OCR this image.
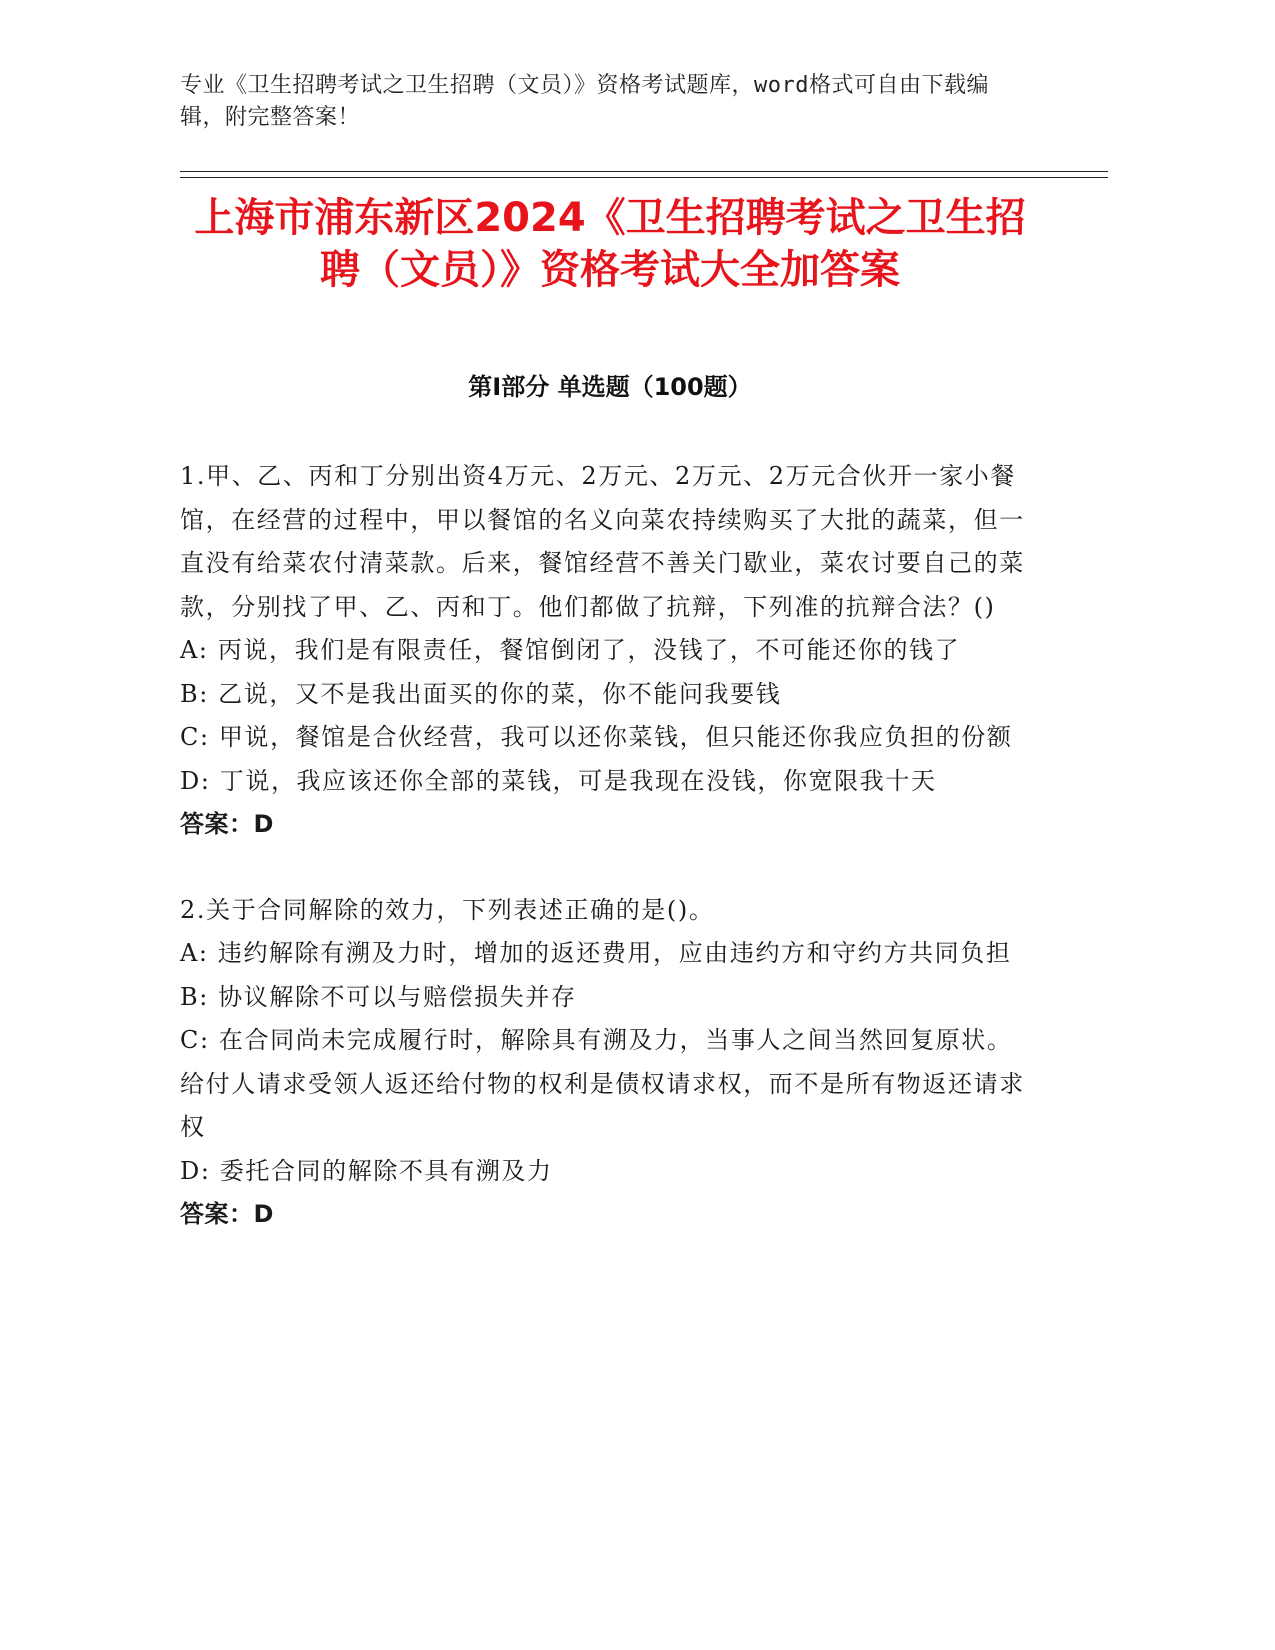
专业《卫生招聘考试之卫生招聘（文员）》资格考试题库，word格式可自由下载编辑，附完整答案！
上海市浦东新区2024《卫生招聘考试之卫生招聘（文员）》资格考试大全加答案
第Ⅰ部分 单选题（100题）

1.甲、乙、丙和丁分别出资4万元、2万元、2万元、2万元合伙开一家小餐馆，在经营的过程中，甲以餐馆的名义向菜农持续购买了大批的蔬菜，但一直没有给菜农付清菜款。后来，餐馆经营不善关门歇业，菜农讨要自己的菜款，分别找了甲、乙、丙和丁。他们都做了抗辩，下列准的抗辩合法？()

A: 丙说，我们是有限责任，餐馆倒闭了，没钱了，不可能还你的钱了

B: 乙说，又不是我出面买的你的菜，你不能问我要钱

C: 甲说，餐馆是合伙经营，我可以还你菜钱，但只能还你我应负担的份额

D: 丁说，我应该还你全部的菜钱，可是我现在没钱，你宽限我十天

答案：D

2.关于合同解除的效力，下列表述正确的是()。

A: 违约解除有溯及力时，增加的返还费用，应由违约方和守约方共同负担

B: 协议解除不可以与赔偿损失并存

C: 在合同尚未完成履行时，解除具有溯及力，当事人之间当然回复原状。给付人请求受领人返还给付物的权利是债权请求权，而不是所有物返还请求权

D: 委托合同的解除不具有溯及力

答案：D
